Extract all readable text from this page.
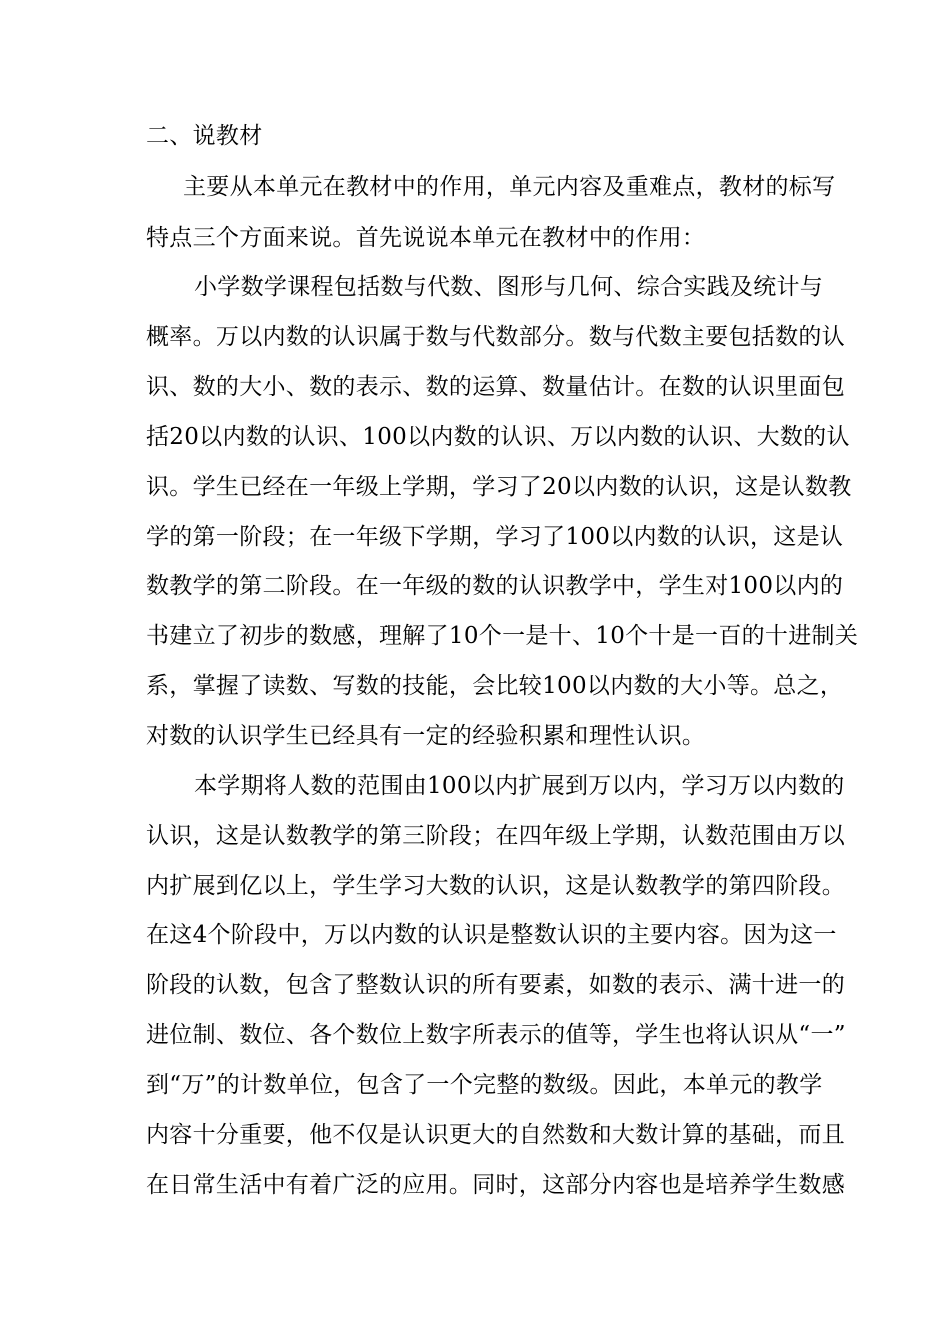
二、说教材

主要从本单元在教材中的作用，单元内容及重难点，教材的标写

特点三个方面来说。首先说说本单元在教材中的作用：

小学数学课程包括数与代数、图形与几何、综合实践及统计与

概率。万以内数的认识属于数与代数部分。数与代数主要包括数的认

识、数的大小、数的表示、数的运算、数量估计。在数的认识里面包

括20以内数的认识、100以内数的认识、万以内数的认识、大数的认

识。学生已经在一年级上学期，学习了20以内数的认识，这是认数教

学的第一阶段；在一年级下学期，学习了100以内数的认识，这是认

数教学的第二阶段。在一年级的数的认识教学中，学生对100以内的

书建立了初步的数感，理解了10个一是十、10个十是一百的十进制关

系，掌握了读数、写数的技能，会比较100以内数的大小等。总之，

对数的认识学生已经具有一定的经验积累和理性认识。

本学期将人数的范围由100以内扩展到万以内，学习万以内数的

认识，这是认数教学的第三阶段；在四年级上学期，认数范围由万以

内扩展到亿以上，学生学习大数的认识，这是认数教学的第四阶段。

在这4个阶段中，万以内数的认识是整数认识的主要内容。因为这一

阶段的认数，包含了整数认识的所有要素，如数的表示、满十进一的

进位制、数位、各个数位上数字所表示的值等，学生也将认识从“一”

到“万”的计数单位，包含了一个完整的数级。因此，本单元的教学

内容十分重要，他不仅是认识更大的自然数和大数计算的基础，而且

在日常生活中有着广泛的应用。同时，这部分内容也是培养学生数感
